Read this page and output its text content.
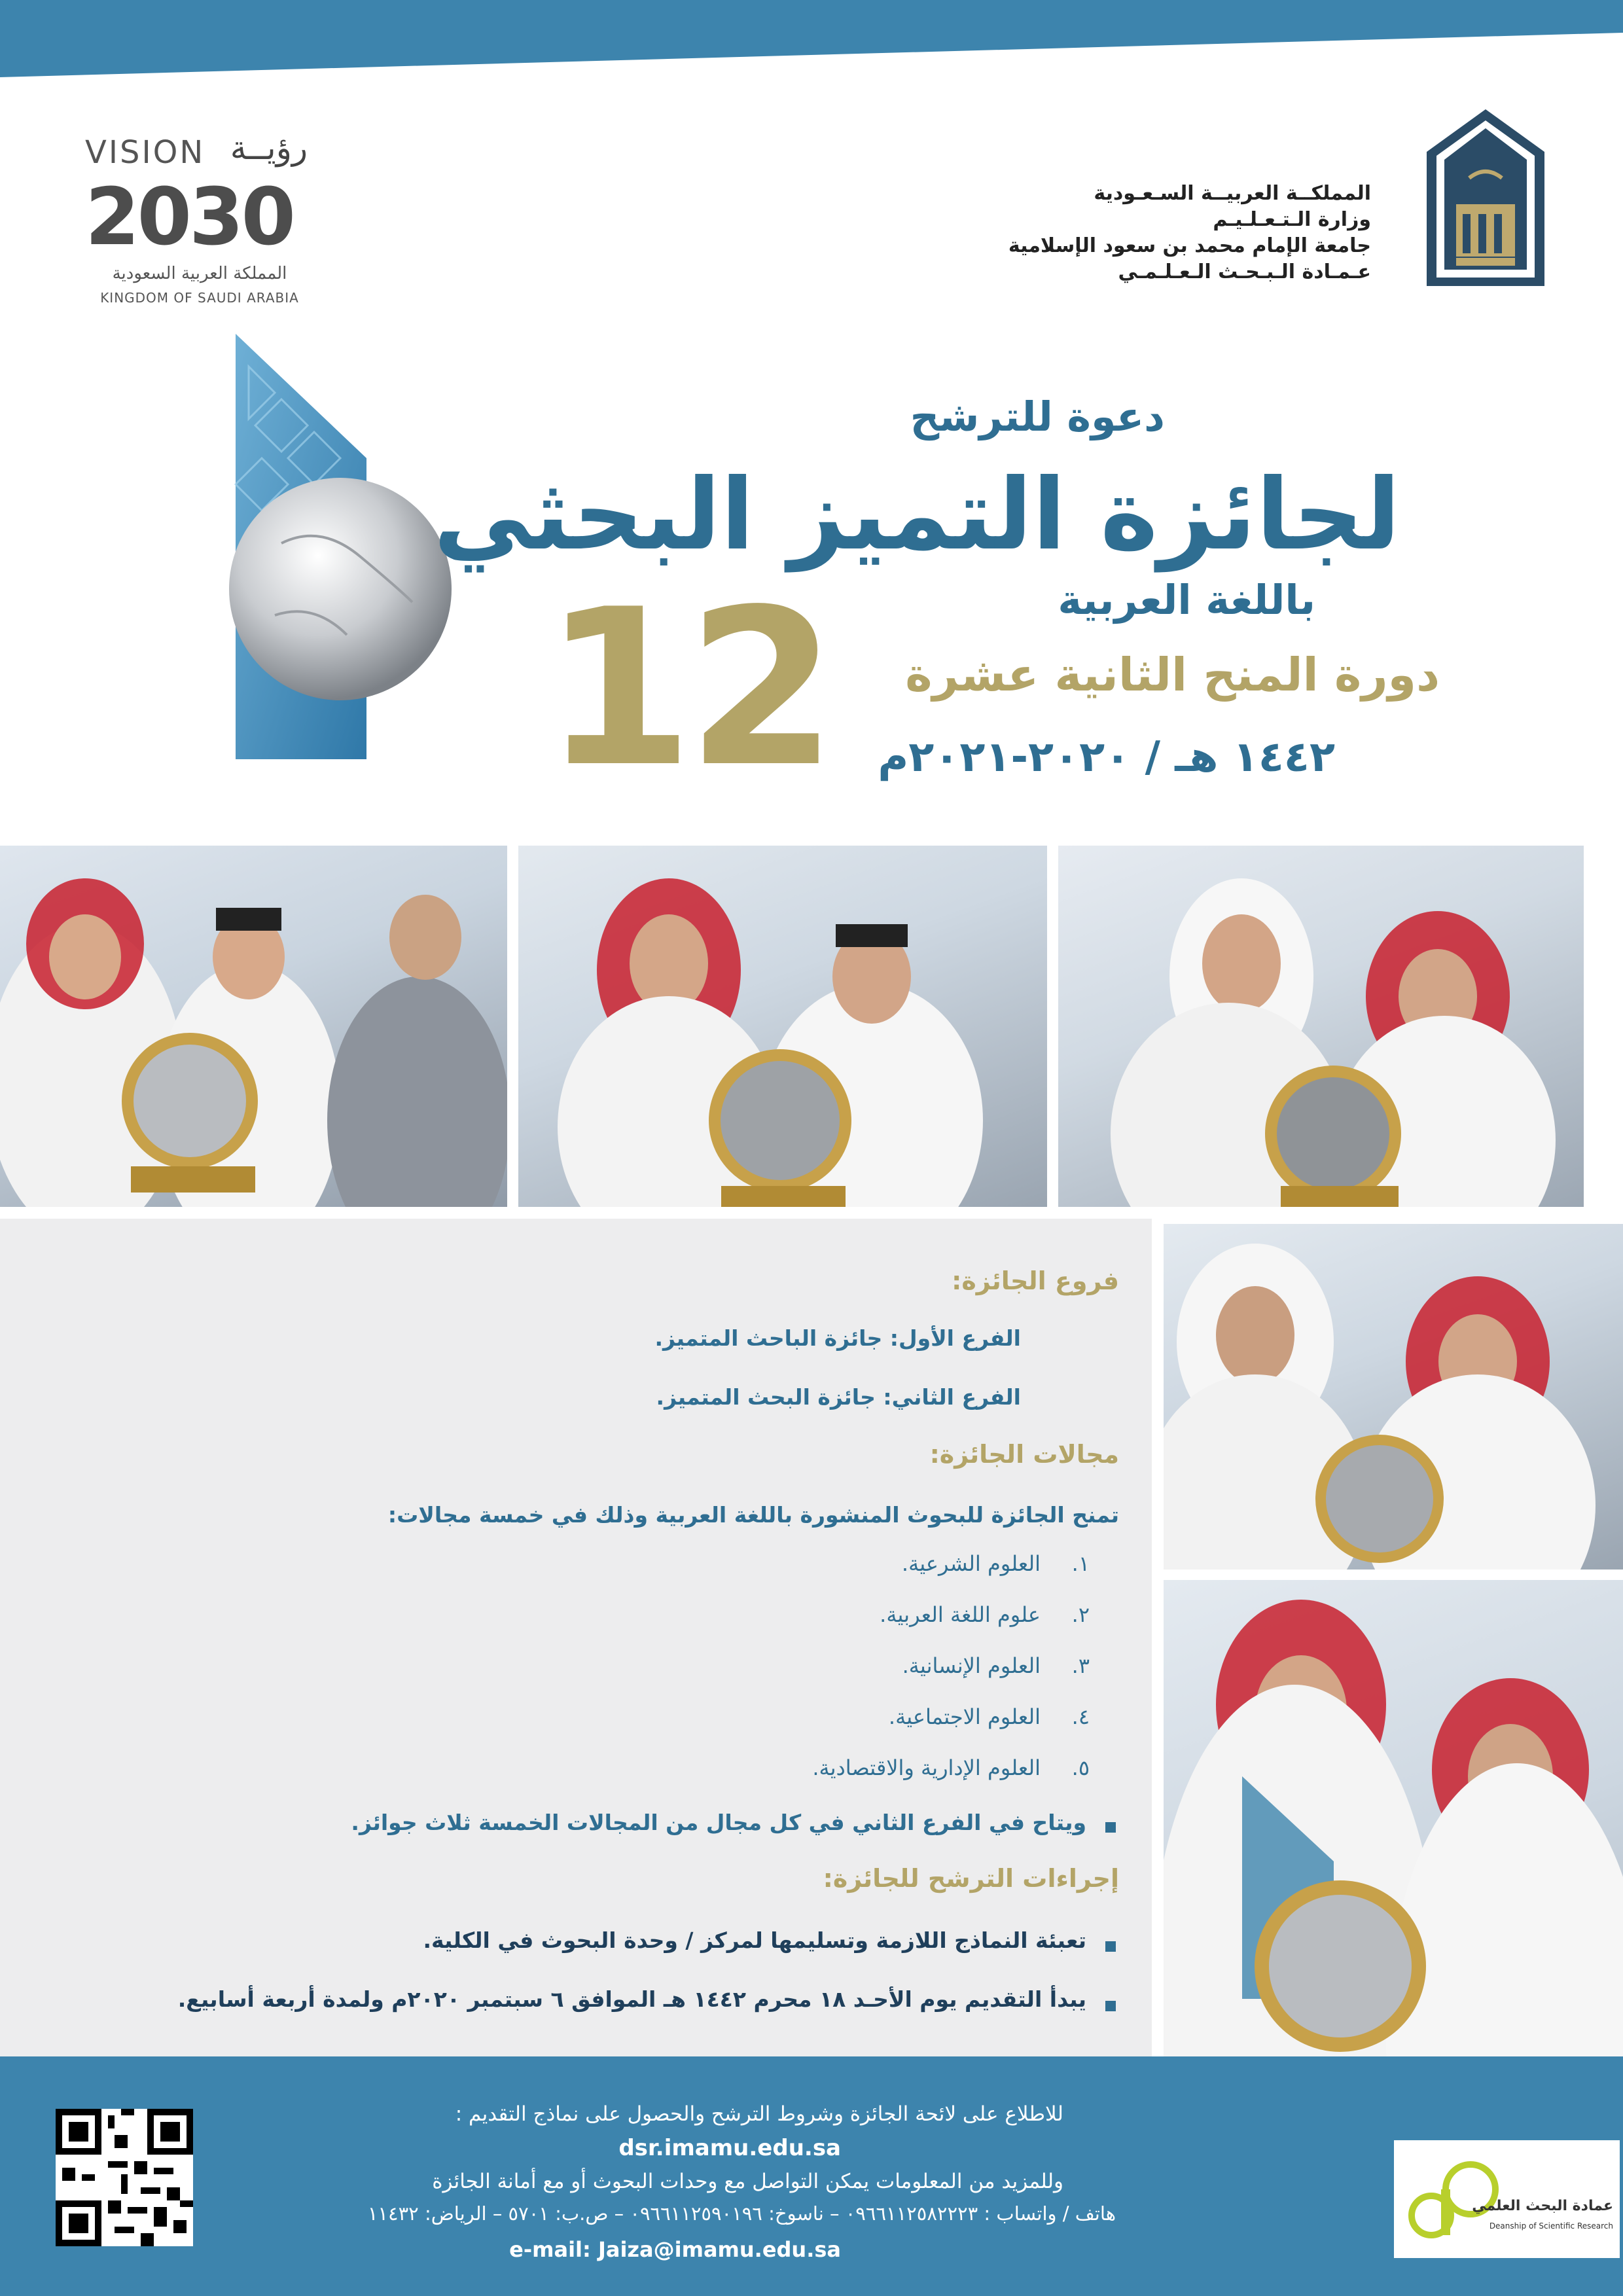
المملكــة العربيــة السـعـودية
وزارة الـتـعـلـيـم
جامعة الإمام محمد بن سعود الإسلامية
عـمـادة الـبـحـث الـعـلـمـي
VISION رؤيــة
2030
المملكة العربية السعودية
KINGDOM OF SAUDI ARABIA
دعوة للترشح
لجائزة التميز البحثي
باللغة العربية
دورة المنح الثانية عشرة
١٤٤٢ هـ / ٢٠٢٠-٢٠٢١م
12
فروع الجائزة:
الفرع الأول: جائزة الباحث المتميز.
الفرع الثاني: جائزة البحث المتميز.
مجالات الجائزة:
تمنح الجائزة للبحوث المنشورة باللغة العربية وذلك في خمسة مجالات:
١.
العلوم الشرعية.
٢.
علوم اللغة العربية.
٣.
العلوم الإنسانية.
٤.
العلوم الاجتماعية.
٥.
العلوم الإدارية والاقتصادية.
ويتاح في الفرع الثاني في كل مجال من المجالات الخمسة ثلاث جوائز.
إجراءات الترشح للجائزة:
تعبئة النماذج اللازمة وتسليمها لمركز / وحدة البحوث في الكلية.
يبدأ التقديم يوم الأحـد ١٨ محرم ١٤٤٢ هـ الموافق ٦ سبتمبر ٢٠٢٠م ولمدة أربعة أسابيع.
للاطلاع على لائحة الجائزة وشروط الترشح والحصول على نماذج التقديم :
dsr.imamu.edu.sa
وللمزيد من المعلومات يمكن التواصل مع وحدات البحوث أو مع أمانة الجائزة
هاتف / واتساب : ٠٩٦٦١١٢٥٨٢٢٢٣ – ناسوخ: ٠٩٦٦١١٢٥٩٠١٩٦ – ص.ب: ٥٧٠١ – الرياض: ١١٤٣٢
e-mail: Jaiza@imamu.edu.sa
عمادة البحث العلمي
Deanship of Scientific Research
